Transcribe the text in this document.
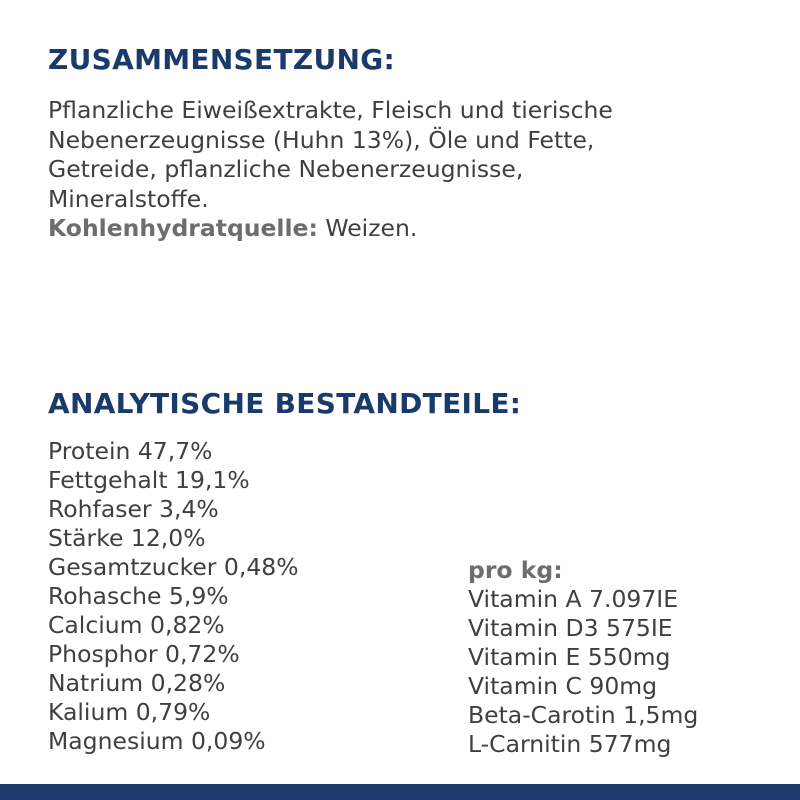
ZUSAMMENSETZUNG:

Pflanzliche Eiweißextrakte, Fleisch und tierische

Nebenerzeugnisse (Huhn 13%), Öle und Fette,

Getreide, pflanzliche Nebenerzeugnisse,

Mineralstoffe.

Kohlenhydratquelle: Weizen.

ANALYTISCHE BESTANDTEILE:
Protein 47,7%
Fettgehalt 19,1%
Rohfaser 3,4%
Stärke 12,0%
Gesamtzucker 0,48%
Rohasche 5,9%
Calcium 0,82%
Phosphor 0,72%
Natrium 0,28%
Kalium 0,79%
Magnesium 0,09%

pro kg:

Vitamin A 7.097IE
Vitamin D3 575IE
Vitamin E 550mg
Vitamin C 90mg
Beta-Carotin 1,5mg
L-Carnitin 577mg
